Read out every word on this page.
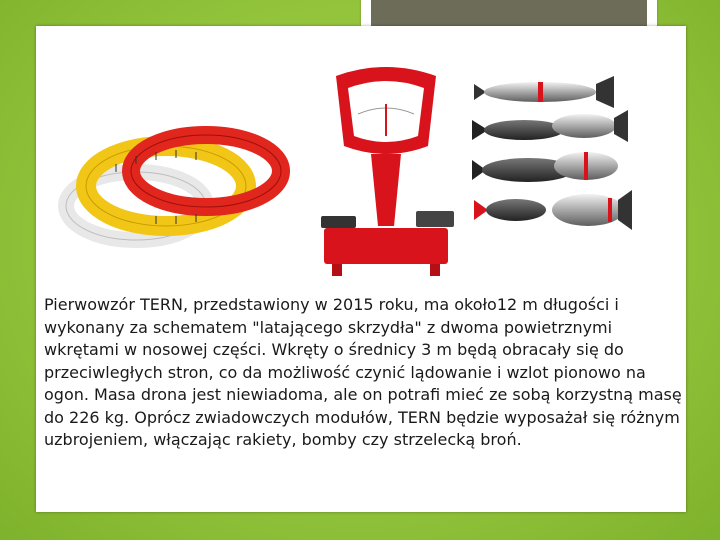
Pierwowzór TERN, przedstawiony w 2015 roku, ma około12 m długości i wykonany za schematem "latającego skrzydła" z dwoma powietrznymi wkrętami w nosowej części. Wkręty o średnicy 3 m będą obracały się do przeciwległych stron, co da możliwość czynić lądowanie i wzlot pionowo na ogon. Masa drona jest niewiadoma, ale on potrafi mieć ze sobą korzystną masę do 226 kg. Oprócz zwiadowczych modułów, TERN będzie wyposażał się różnym uzbrojeniem, włączając rakiety, bomby czy strzelecką broń.
